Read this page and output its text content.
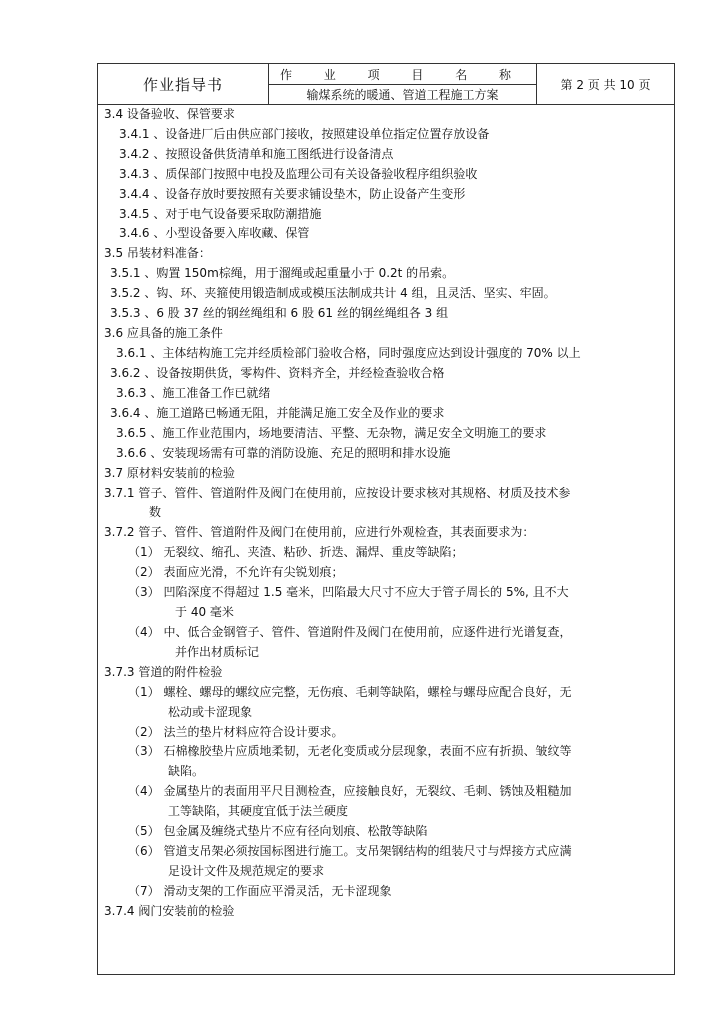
作业指导书
作 业 项 目 名 称
输煤系统的暖通、管道工程施工方案
第 2 页 共 10 页
3.4 设备验收、保管要求
3.4.1 、设备进厂后由供应部门接收，按照建设单位指定位置存放设备
3.4.2 、按照设备供货清单和施工图纸进行设备清点
3.4.3 、质保部门按照中电投及监理公司有关设备验收程序组织验收
3.4.4 、设备存放时要按照有关要求铺设垫木，防止设备产生变形
3.4.5 、对于电气设备要采取防潮措施
3.4.6 、小型设备要入库收藏、保管
3.5 吊装材料准备：
3.5.1 、购置 150m棕绳，用于溜绳或起重量小于 0.2t 的吊索。
3.5.2 、钩、环、夹箍使用锻造制成或模压法制成共计 4 组，且灵活、坚实、牢固。
3.5.3 、6 股 37 丝的钢丝绳组和 6 股 61 丝的钢丝绳组各 3 组
3.6 应具备的施工条件
3.6.1 、主体结构施工完并经质检部门验收合格，同时强度应达到设计强度的 70% 以上
3.6.2 、设备按期供货，零构件、资料齐全，并经检查验收合格
3.6.3 、施工准备工作已就绪
3.6.4 、施工道路已畅通无阻，并能满足施工安全及作业的要求
3.6.5 、施工作业范围内，场地要清洁、平整、无杂物，满足安全文明施工的要求
3.6.6 、安装现场需有可靠的消防设施、充足的照明和排水设施
3.7 原材料安装前的检验
3.7.1 管子、管件、管道附件及阀门在使用前，应按设计要求核对其规格、材质及技术参
数
3.7.2 管子、管件、管道附件及阀门在使用前，应进行外观检查，其表面要求为：
（1） 无裂纹、缩孔、夹渣、粘砂、折迭、漏焊、重皮等缺陷；
（2） 表面应光滑，不允许有尖锐划痕；
（3） 凹陷深度不得超过 1.5 毫米，凹陷最大尺寸不应大于管子周长的 5%, 且不大
于 40 毫米
（4） 中、低合金钢管子、管件、管道附件及阀门在使用前，应逐件进行光谱复查，
并作出材质标记
3.7.3 管道的附件检验
（1） 螺栓、螺母的螺纹应完整，无伤痕、毛刺等缺陷，螺栓与螺母应配合良好，无
松动或卡涩现象
（2） 法兰的垫片材料应符合设计要求。
（3） 石棉橡胶垫片应质地柔韧，无老化变质或分层现象，表面不应有折损、皱纹等
缺陷。
（4） 金属垫片的表面用平尺目测检查，应接触良好，无裂纹、毛刺、锈蚀及粗糙加
工等缺陷，其硬度宜低于法兰硬度
（5） 包金属及缠绕式垫片不应有径向划痕、松散等缺陷
（6） 管道支吊架必须按国标图进行施工。支吊架钢结构的组装尺寸与焊接方式应满
足设计文件及规范规定的要求
（7） 滑动支架的工作面应平滑灵活，无卡涩现象
3.7.4 阀门安装前的检验
